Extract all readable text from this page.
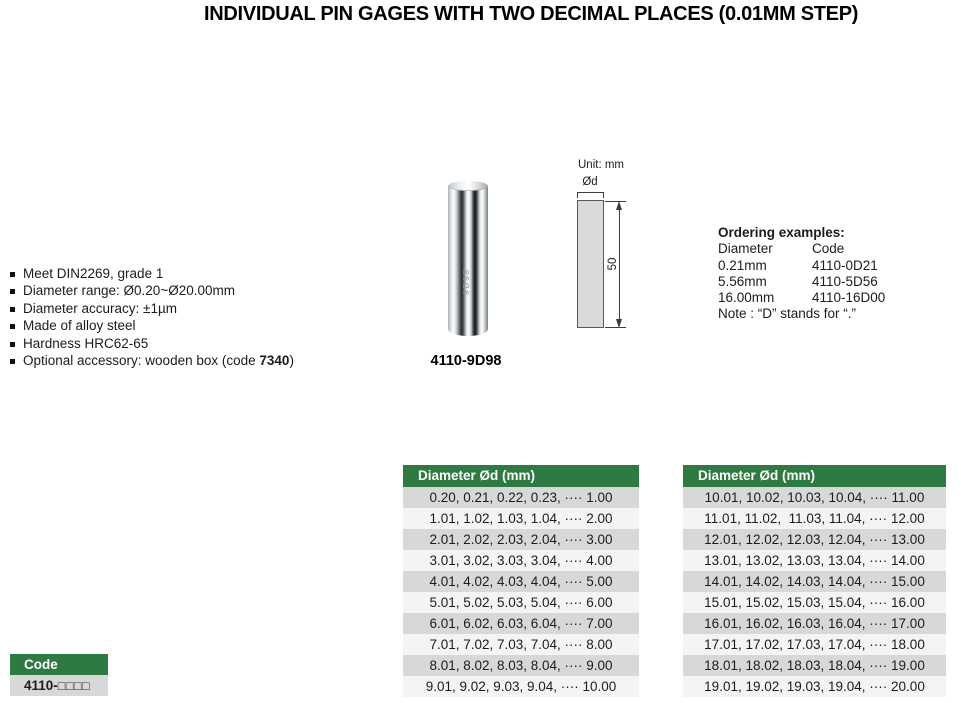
INDIVIDUAL PIN GAGES WITH TWO DECIMAL PLACES (0.01MM STEP)
Meet DIN2269, grade 1
Diameter range: Ø0.20~Ø20.00mm
Diameter accuracy: ±1µm
Made of alloy steel
Hardness HRC62-65
Optional accessory: wooden box (code 7340)
9D98
4110-9D98
Unit: mm
Ød
50
Ordering examples:
Diameter	Code
0.21mm	4110-0D21
5.56mm	4110-5D56
16.00mm	4110-16D00
Note : “D” stands for “.”
Diameter Ød (mm)
0.20, 0.21, 0.22, 0.23, ···· 1.00
1.01, 1.02, 1.03, 1.04, ···· 2.00
2.01, 2.02, 2.03, 2.04, ···· 3.00
3.01, 3.02, 3.03, 3.04, ···· 4.00
4.01, 4.02, 4.03, 4.04, ···· 5.00
5.01, 5.02, 5.03, 5.04, ···· 6.00
6.01, 6.02, 6.03, 6.04, ···· 7.00
7.01, 7.02, 7.03, 7.04, ···· 8.00
8.01, 8.02, 8.03, 8.04, ···· 9.00
9.01, 9.02, 9.03, 9.04, ···· 10.00
Diameter Ød (mm)
10.01, 10.02, 10.03, 10.04, ···· 11.00
11.01, 11.02,  11.03, 11.04, ···· 12.00
12.01, 12.02, 12.03, 12.04, ···· 13.00
13.01, 13.02, 13.03, 13.04, ···· 14.00
14.01, 14.02, 14.03, 14.04, ···· 15.00
15.01, 15.02, 15.03, 15.04, ···· 16.00
16.01, 16.02, 16.03, 16.04, ···· 17.00
17.01, 17.02, 17.03, 17.04, ···· 18.00
18.01, 18.02, 18.03, 18.04, ···· 19.00
19.01, 19.02, 19.03, 19.04, ···· 20.00
Code
4110-□□□□
